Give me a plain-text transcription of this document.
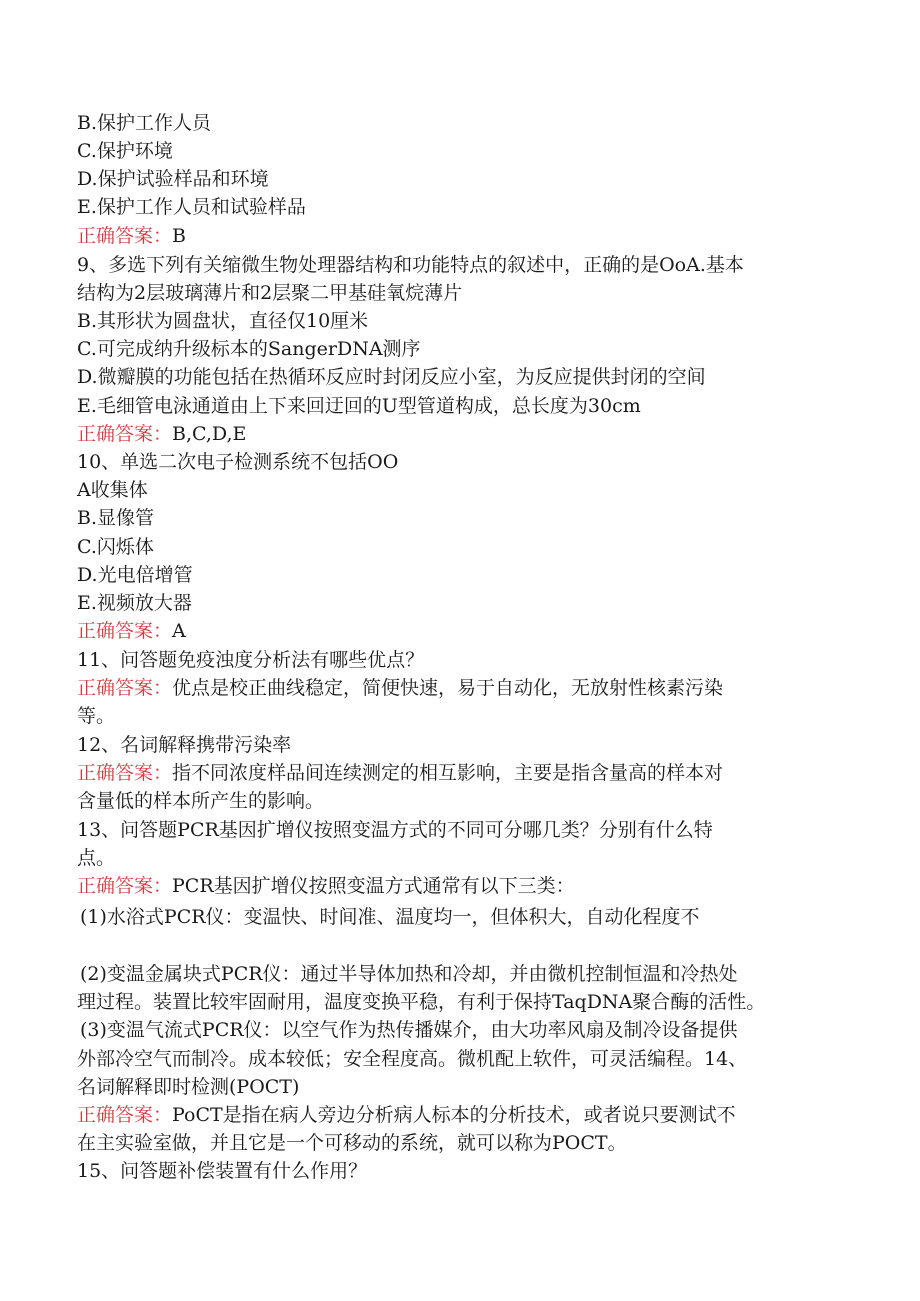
B.保护工作人员

C.保护环境

D.保护试验样品和环境

E.保护工作人员和试验样品

正确答案：B

9、多选下列有关缩微生物处理器结构和功能特点的叙述中，正确的是OoA.基本

结构为2层玻璃薄片和2层聚二甲基硅氧烷薄片

B.其形状为圆盘状，直径仅10厘米

C.可完成纳升级标本的SangerDNA测序

D.微瓣膜的功能包括在热循环反应时封闭反应小室，为反应提供封闭的空间

E.毛细管电泳通道由上下来回迂回的U型管道构成，总长度为30cm

正确答案：B,C,D,E

10、单选二次电子检测系统不包括OO

A收集体

B.显像管

C.闪烁体

D.光电倍增管

E.视频放大器

正确答案：A

11、问答题免疫浊度分析法有哪些优点？

正确答案：优点是校正曲线稳定，简便快速，易于自动化，无放射性核素污染

等。

12、名词解释携带污染率

正确答案：指不同浓度样品间连续测定的相互影响，主要是指含量高的样本对

含量低的样本所产生的影响。

13、问答题PCR基因扩增仪按照变温方式的不同可分哪几类？分别有什么特

点。

正确答案：PCR基因扩增仪按照变温方式通常有以下三类：

(1)水浴式PCR仪：变温快、时间准、温度均一，但体积大，自动化程度不

(2)变温金属块式PCR仪：通过半导体加热和冷却，并由微机控制恒温和冷热处

理过程。装置比较牢固耐用，温度变换平稳，有利于保持TaqDNA聚合酶的活性。

(3)变温气流式PCR仪：以空气作为热传播媒介，由大功率风扇及制冷设备提供

外部冷空气而制冷。成本较低；安全程度高。微机配上软件，可灵活编程。14、

名词解释即时检测(POCT)

正确答案：PoCT是指在病人旁边分析病人标本的分析技术，或者说只要测试不

在主实验室做，并且它是一个可移动的系统，就可以称为POCT。

15、问答题补偿装置有什么作用？
